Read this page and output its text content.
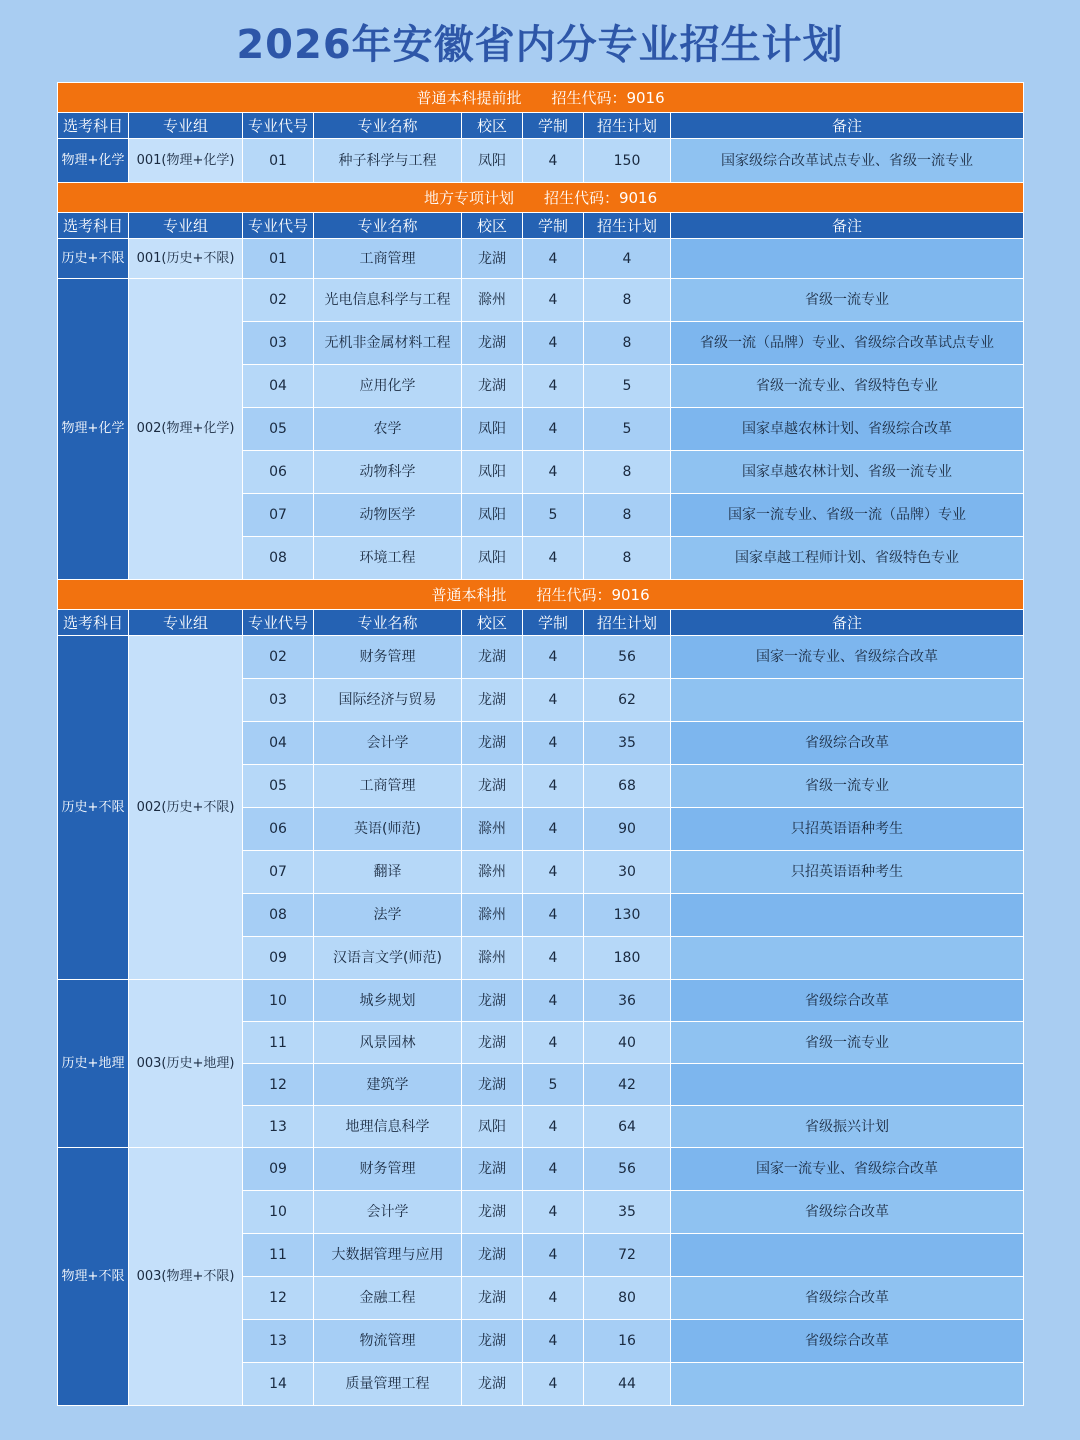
2026年安徽省内分专业招生计划
普通本科提前批 招生代码：9016							
选考科目	专业组	专业代号	专业名称	校区	学制	招生计划	备注
物理+化学	001(物理+化学)	01	种子科学与工程	凤阳	4	150	国家级综合改革试点专业、省级一流专业
地方专项计划 招生代码：9016							
选考科目	专业组	专业代号	专业名称	校区	学制	招生计划	备注
历史+不限	001(历史+不限)	01	工商管理	龙湖	4	4	
物理+化学	002(物理+化学)	02	光电信息科学与工程	滁州	4	8	省级一流专业
		03	无机非金属材料工程	龙湖	4	8	省级一流（品牌）专业、省级综合改革试点专业
		04	应用化学	龙湖	4	5	省级一流专业、省级特色专业
		05	农学	凤阳	4	5	国家卓越农林计划、省级综合改革
		06	动物科学	凤阳	4	8	国家卓越农林计划、省级一流专业
		07	动物医学	凤阳	5	8	国家一流专业、省级一流（品牌）专业
		08	环境工程	凤阳	4	8	国家卓越工程师计划、省级特色专业
普通本科批 招生代码：9016							
选考科目	专业组	专业代号	专业名称	校区	学制	招生计划	备注
历史+不限	002(历史+不限)	02	财务管理	龙湖	4	56	国家一流专业、省级综合改革
		03	国际经济与贸易	龙湖	4	62	
		04	会计学	龙湖	4	35	省级综合改革
		05	工商管理	龙湖	4	68	省级一流专业
		06	英语(师范)	滁州	4	90	只招英语语种考生
		07	翻译	滁州	4	30	只招英语语种考生
		08	法学	滁州	4	130	
		09	汉语言文学(师范)	滁州	4	180	
历史+地理	003(历史+地理)	10	城乡规划	龙湖	4	36	省级综合改革
		11	风景园林	龙湖	4	40	省级一流专业
		12	建筑学	龙湖	5	42	
		13	地理信息科学	凤阳	4	64	省级振兴计划
物理+不限	003(物理+不限)	09	财务管理	龙湖	4	56	国家一流专业、省级综合改革
		10	会计学	龙湖	4	35	省级综合改革
		11	大数据管理与应用	龙湖	4	72	
		12	金融工程	龙湖	4	80	省级综合改革
		13	物流管理	龙湖	4	16	省级综合改革
		14	质量管理工程	龙湖	4	44	
